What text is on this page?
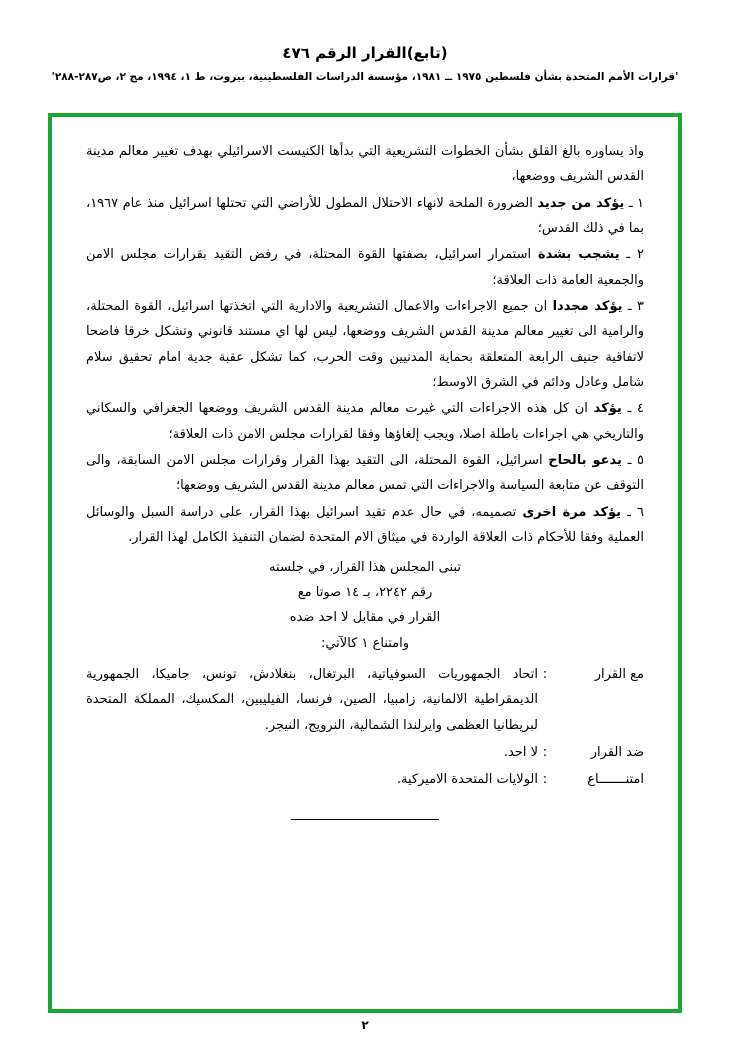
(تابع)القرار الرقم ٤٧٦
'قرارات الأمم المتحدة بشأن فلسطين ١٩٧٥ ــ ١٩٨١، مؤسسة الدراسات الفلسطينية، بيروت، ط ١، ١٩٩٤، مج ٢، ص٢٨٧-٢٨٨'

واذ يساوره بالغ القلق بشأن الخطوات التشريعية التي بدأها الكنيست الاسرائيلي بهدف تغيير معالم مدينة القدس الشريف ووضعها،

١ ـ يؤكد من جديد الضرورة الملحة لانهاء الاحتلال المطول للأراضي التي تحتلها اسرائيل منذ عام ١٩٦٧، بما في ذلك القدس؛

٢ ـ يشجب بشدة استمرار اسرائيل، بصفتها القوة المحتلة، في رفض التقيد بقرارات مجلس الامن والجمعية العامة ذات العلاقة؛

٣ ـ يؤكد مجددا ان جميع الاجراءات والاعمال التشريعية والادارية التي اتخذتها اسرائيل، القوة المحتلة، والرامية الى تغيير معالم مدينة القدس الشريف ووضعها، ليس لها اي مستند قانوني وتشكل خرقا فاضحا لاتفاقية جنيف الرابعة المتعلقة بحماية المدنيين وقت الحرب، كما تشكل عقبة جدية امام تحقيق سلام شامل وعادل ودائم في الشرق الاوسط؛

٤ ـ يؤكد ان كل هذه الاجراءات التي غيرت معالم مدينة القدس الشريف ووضعها الجغرافي والسكاني والتاريخي هي اجراءات باطلة اصلا، ويجب إلغاؤها وفقا لقرارات مجلس الامن ذات العلاقة؛

٥ ـ يدعو بالحاح اسرائيل، القوة المحتلة، الى التقيد بهذا القرار وقرارات مجلس الامن السابقة، والى التوقف عن متابعة السياسة والاجراءات التي تمس معالم مدينة القدس الشريف ووضعها؛

٦ ـ يؤكد مرة اخرى تصميمه، في حال عدم تقيد اسرائيل بهذا القرار، على دراسة السبل والوسائل العملية وفقا للأحكام ذات العلاقة الواردة في ميثاق الام المتحدة لضمان التنفيذ الكامل لهذا القرار.

تبنى المجلس هذا القرار، في جلسته
رقم ٢٢٤٢، بـ ١٤ صوتا مع
القرار في مقابل لا احد ضده
وامتناع ١ كالآتي:
مع القرار
:
اتحاد الجمهوريات السوفياتية، البرتغال، بنغلادش، تونس، جاميكا، الجمهورية الديمقراطية الالمانية، زامبيا، الصين، فرنسا، الفيليبين، المكسيك، المملكة المتحدة لبريطانيا العظمى وايرلندا الشمالية، النرويج، النيجر.
ضد القرار
:
لا احد.
امتنـــــــاع
:
الولايات المتحدة الاميركية.
٢
